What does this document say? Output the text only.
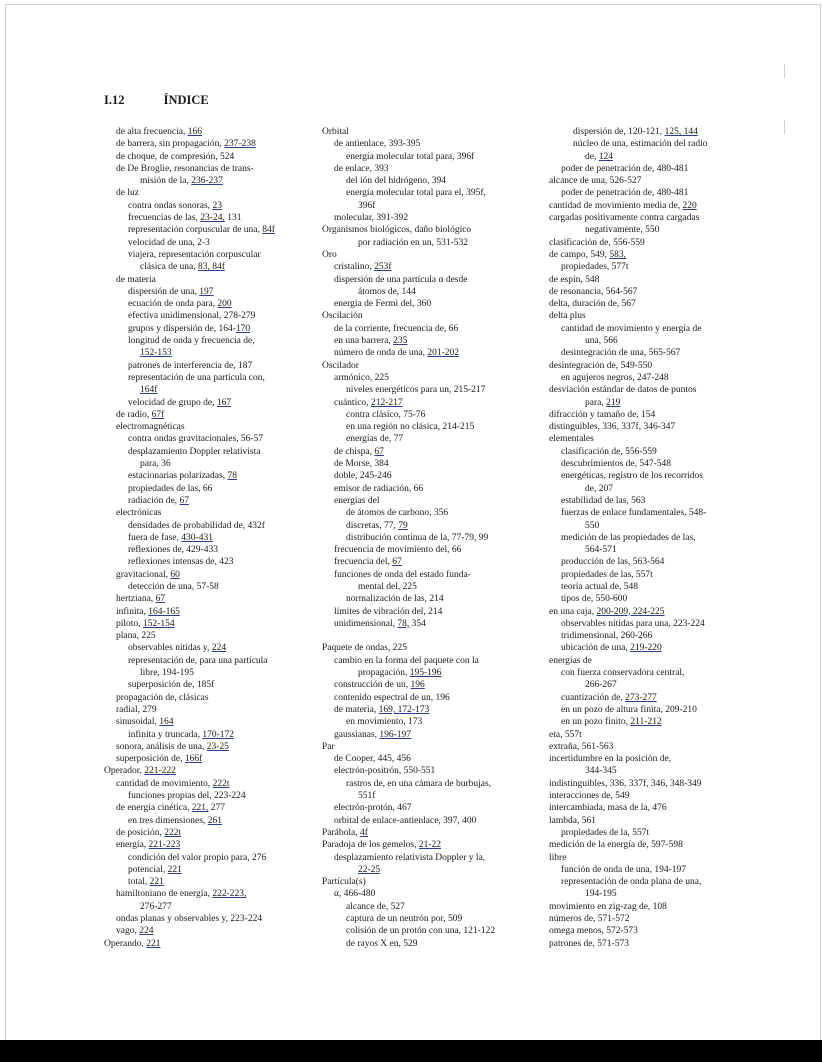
I.12	ÍNDICE
de alta frecuencia, 166
de barrera, sin propagación, 237-238
de choque, de compresión, 524
de De Broglie, resonancias de trans-
misión de la, 236-237
de luz
contra ondas sonoras, 23
frecuencias de las, 23-24, 131
representación corpuscular de una, 84f
velocidad de una, 2-3
viajera, representación corpuscular
clásica de una, 83, 84f
de materia
dispersión de una, 197
ecuación de onda para, 200
efectiva unidimensional, 278-279
grupos y dispersión de, 164-170
longitud de onda y frecuencia de,
152-153
patrones de interferencia de, 187
representación de una partícula con,
164f
velocidad de grupo de, 167
de radio, 67f
electromagnéticas
contra ondas gravitacionales, 56-57
desplazamiento Doppler relativista
para, 36
estacionarias polarizadas, 78
propiedades de las, 66
radiación de, 67
electrónicas
densidades de probabilidad de, 432f
fuera de fase, 430-431
reflexiones de, 429-433
reflexiones intensas de, 423
gravitacional, 60
detección de una, 57-58
hertziana, 67
infinita, 164-165
piloto, 152-154
plana, 225
observables nítidas y, 224
representación de, para una partícula
libre, 194-195
superposición de, 185f
propagación de, clásicas
radial, 279
sinusoidal, 164
infinita y truncada, 170-172
sonora, análisis de una, 23-25
superposición de, 166f
Operador, 221-222
cantidad de movimiento, 222t
funciones propias del, 223-224
de energía cinética, 221, 277
en tres dimensiones, 261
de posición, 222t
energía, 221-223
condición del valor propio para, 276
potencial, 221
total, 221
hamiltoniano de energía, 222-223,
276-277
ondas planas y observables y, 223-224
vago, 224
Operando, 221
Orbital
de antienlace, 393-395
energía molecular total para, 396f
de enlace, 393
del ión del hidrógeno, 394
energía molecular total para el, 395f,
396f
molecular, 391-392
Organismos biológicos, daño biológico
por radiación en un, 531-532
Oro
cristalino, 253f
dispersión de una partícula α desde
átomos de, 144
energía de Fermi del, 360
Oscilación
de la corriente, frecuencia de, 66
en una barrera, 235
número de onda de una, 201-202
Oscilador
armónico, 225
niveles energéticos para un, 215-217
cuántico, 212-217
contra clásico, 75-76
en una región no clásica, 214-215
energías de, 77
de chispa, 67
de Morse, 384
doble, 245-246
emisor de radiación, 66
energías del
de átomos de carbono, 356
discretas, 77, 79
distribución continua de la, 77-79, 99
frecuencia de movimiento del, 66
frecuencia del, 67
funciones de onda del estado funda-
mental del, 225
normalización de las, 214
límites de vibración del, 214
unidimensional, 78, 354
Paquete de ondas, 225
cambio en la forma del paquete con la
propagación, 195-196
construcción de un, 196
contenido espectral de un, 196
de materia, 169, 172-173
en movimiento, 173
gaussianas, 196-197
Par
de Cooper, 445, 456
electrón-positrón, 550-551
rastros de, en una cámara de burbujas,
551f
electrón-protón, 467
orbital de enlace-antienlace, 397, 400
Parábola, 4f
Paradoja de los gemelos, 21-22
desplazamiento relativista Doppler y la,
22-25
Partícula(s)
α, 466-480
alcance de, 527
captura de un neutrón por, 509
colisión de un protón con una, 121-122
de rayos X en, 529
dispersión de, 120-121, 125, 144
núcleo de una, estimación del radio
de, 124
poder de penetración de, 480-481
alcance de una, 526-527
poder de penetración de, 480-481
cantidad de movimiento media de, 220
cargadas positivamente contra cargadas
negativamente, 550
clasificación de, 556-559
de campo, 549, 583,
propiedades, 577t
de espín, 548
de resonancia, 564-567
delta, duración de, 567
delta plus
cantidad de movimiento y energía de
una, 566
desintegración de una, 565-567
desintegración de, 549-550
en agujeros negros, 247-248
desviación estándar de datos de puntos
para, 219
difracción y tamaño de, 154
distinguibles, 336, 337f, 346-347
elementales
clasificación de, 556-559
descubrimientos de, 547-548
energéticas, registro de los recorridos
de, 207
estabilidad de las, 563
fuerzas de enlace fundamentales, 548-
550
medición de las propiedades de las,
564-571
producción de las, 563-564
propiedades de las, 557t
teoría actual de, 548
tipos de, 550-600
en una caja, 200-209, 224-225
observables nítidas para una, 223-224
tridimensional, 260-266
ubicación de una, 219-220
energías de
con fuerza conservadora central,
266-267
cuantización de, 273-277
en un pozo de altura finita, 209-210
en un pozo finito, 211-212
eta, 557t
extraña, 561-563
incertidumbre en la posición de,
344-345
indistinguibles, 336, 337f, 346, 348-349
interacciones de, 549
intercambiada, masa de la, 476
lambda, 561
propiedades de la, 557t
medición de la energía de, 597-598
libre
función de onda de una, 194-197
representación de onda plana de una,
194-195
movimiento en zig-zag de, 108
números de, 571-572
omega menos, 572-573
patrones de, 571-573
